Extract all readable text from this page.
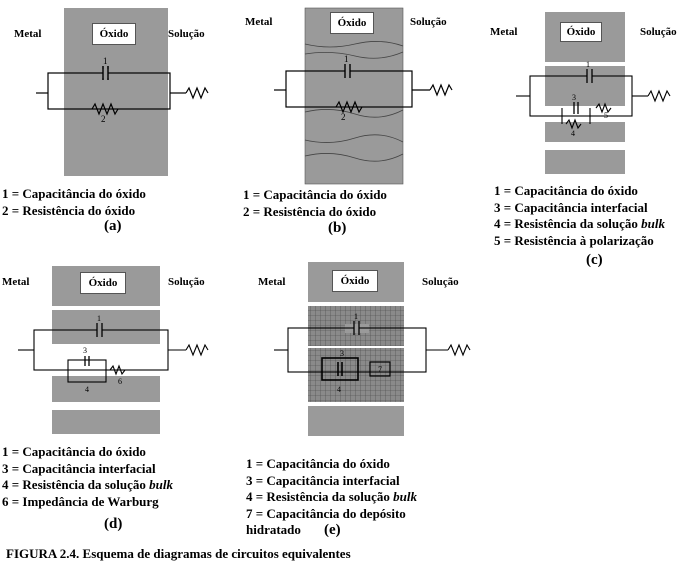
1
2
Metal	Óxido	Solução
1 = Capacitância do óxido
2 = Resistência do óxido
(a)
1
2
Metal	Óxido	Solução
1 = Capacitância do óxido
2 = Resistência do óxido
(b)
1
3
4
5
Metal	Óxido	Solução
1 = Capacitância do óxido
3 = Capacitância interfacial
4 = Resistência da solução bulk
5 = Resistência à polarização
(c)
1
3
4
6
Metal	Óxido	Solução
1 = Capacitância do óxido
3 = Capacitância interfacial
4 = Resistência da solução bulk
6 = Impedância de Warburg
(d)
1
3
4
7
Metal	Óxido	Solução
1 = Capacitância do óxido
3 = Capacitância interfacial
4 = Resistência da solução bulk
7 = Capacitância do depósito
hidratado	(e)
FIGURA 2.4. Esquema de diagramas de circuitos equivalentes
